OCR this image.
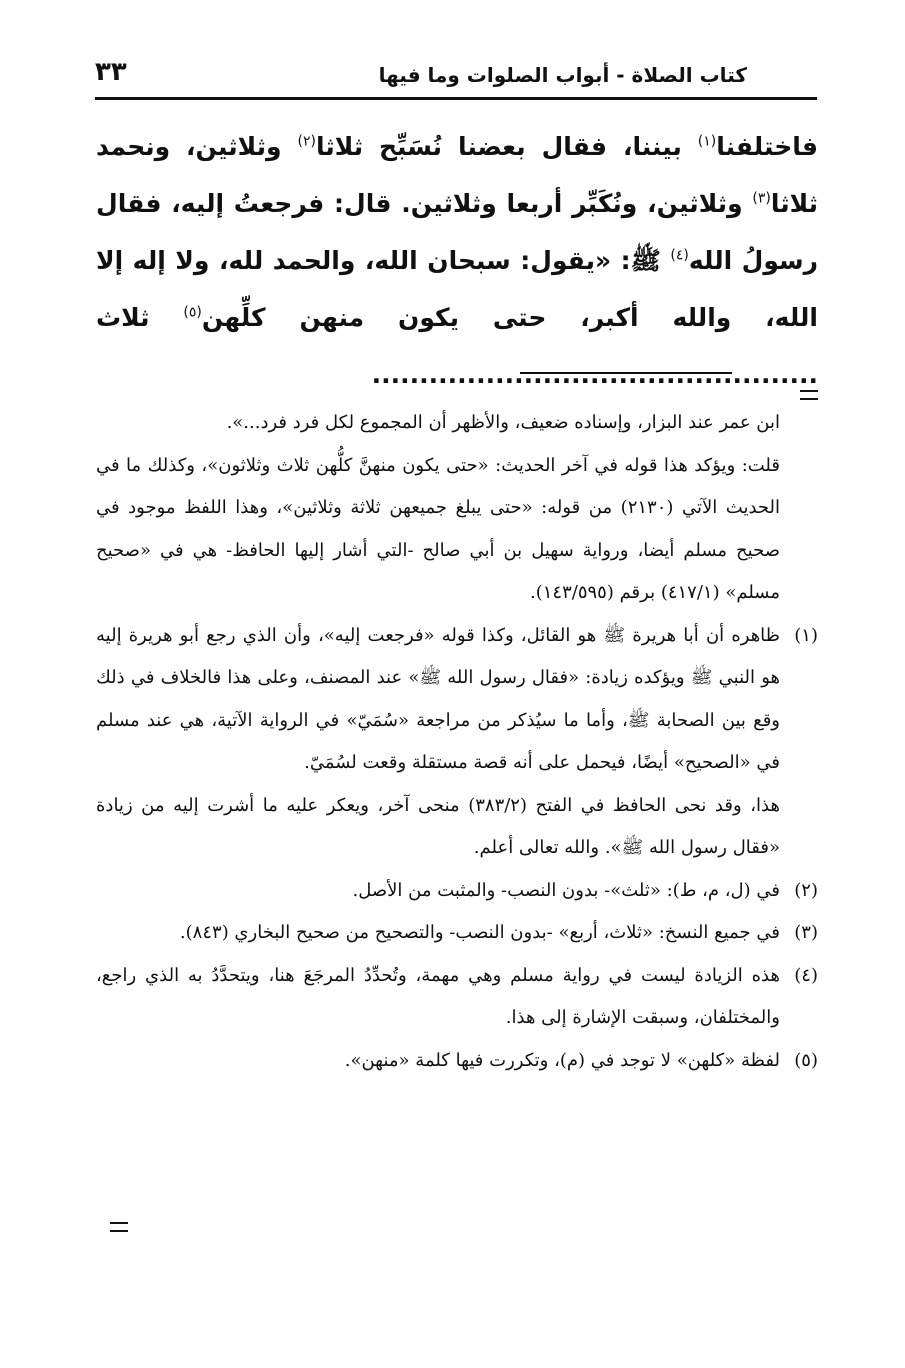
كتاب الصلاة - أبواب الصلوات وما فيها
٣٣
فاختلفنا$^{(١)}$ بيننا، فقال بعضنا نُسَبِّح ثلاثا$^{(٢)}$ وثلاثين، ونحمد ثلاثا$^{(٣)}$ وثلاثين، ونُكَبِّر أربعا وثلاثين. قال: فرجعتُ إليه، فقال رسولُ الله$^{(٤)}$ ﷺ: «يقول: سبحان الله، والحمد لله، ولا إله إلا الله، والله أكبر، حتى يكون منهن كلِّهن$^{(٥)}$ ثلاث ...............................................

ابن عمر عند البزار، وإسناده ضعيف، والأظهر أن المجموع لكل فرد فرد...».

قلت: ويؤكد هذا قوله في آخر الحديث: «حتى يكون منهنَّ كلُّهن ثلاث وثلاثون»، وكذلك ما في الحديث الآتي (٢١٣٠) من قوله: «حتى يبلغ جميعهن ثلاثة وثلاثين»، وهذا اللفظ موجود في صحيح مسلم أيضا، ورواية سهيل بن أبي صالح -التي أشار إليها الحافظ- هي في «صحيح مسلم» (٤١٧/١) برقم (١٤٣/٥٩٥).

(١)

ظاهره أن أبا هريرة ﷺ هو القائل، وكذا قوله «فرجعت إليه»، وأن الذي رجع أبو هريرة إليه هو النبي ﷺ ويؤكده زيادة: «فقال رسول الله ﷺ» عند المصنف، وعلى هذا فالخلاف في ذلك وقع بين الصحابة ﷺ، وأما ما سيُذكر من مراجعة «سُمَيّ» في الرواية الآتية، هي عند مسلم في «الصحيح» أيضًا، فيحمل على أنه قصة مستقلة وقعت لسُمَيّ.

هذا، وقد نحى الحافظ في الفتح (٣٨٣/٢) منحى آخر، ويعكر عليه ما أشرت إليه من زيادة «فقال رسول الله ﷺ». والله تعالى أعلم.

(٢)

في (ل، م، ط): «ثلث»- بدون النصب- والمثبت من الأصل.

(٣)

في جميع النسخ: «ثلاث، أربع» -بدون النصب- والتصحيح من صحيح البخاري (٨٤٣).

(٤)

هذه الزيادة ليست في رواية مسلم وهي مهمة، وتُحدِّدُ المرجَعَ هنا، ويتحدَّدُ به الذي راجع، والمختلفان، وسبقت الإشارة إلى هذا.

(٥)

لفظة «كلهن» لا توجد في (م)، وتكررت فيها كلمة «منهن».
